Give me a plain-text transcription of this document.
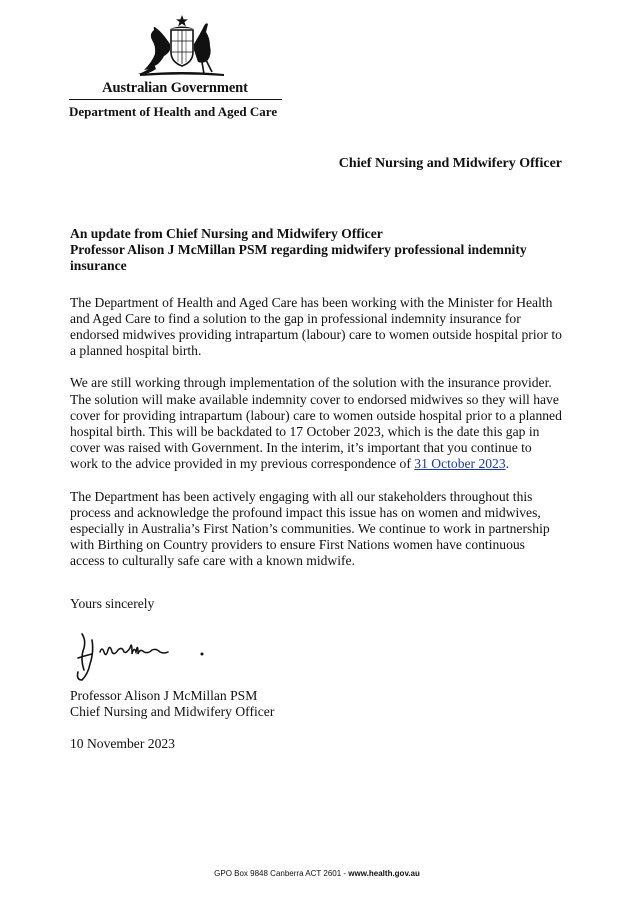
Australian Government
Department of Health and Aged Care
Chief Nursing and Midwifery Officer
An update from Chief Nursing and Midwifery Officer
Professor Alison J McMillan PSM regarding midwifery professional indemnity insurance

The Department of Health and Aged Care has been working with the Minister for Health and Aged Care to find a solution to the gap in professional indemnity insurance for endorsed midwives providing intrapartum (labour) care to women outside hospital prior to a planned hospital birth.

We are still working through implementation of the solution with the insurance provider. The solution will make available indemnity cover to endorsed midwives so they will have cover for providing intrapartum (labour) care to women outside hospital prior to a planned hospital birth. This will be backdated to 17 October 2023, which is the date this gap in cover was raised with Government. In the interim, it’s important that you continue to work to the advice provided in my previous correspondence of 31 October 2023.

The Department has been actively engaging with all our stakeholders throughout this process and acknowledge the profound impact this issue has on women and midwives, especially in Australia’s First Nation’s communities. We continue to work in partnership with Birthing on Country providers to ensure First Nations women have continuous access to culturally safe care with a known midwife.

Yours sincerely

Professor Alison J McMillan PSM
Chief Nursing and Midwifery Officer

10 November 2023

GPO Box 9848 Canberra ACT 2601 - www.health.gov.au
